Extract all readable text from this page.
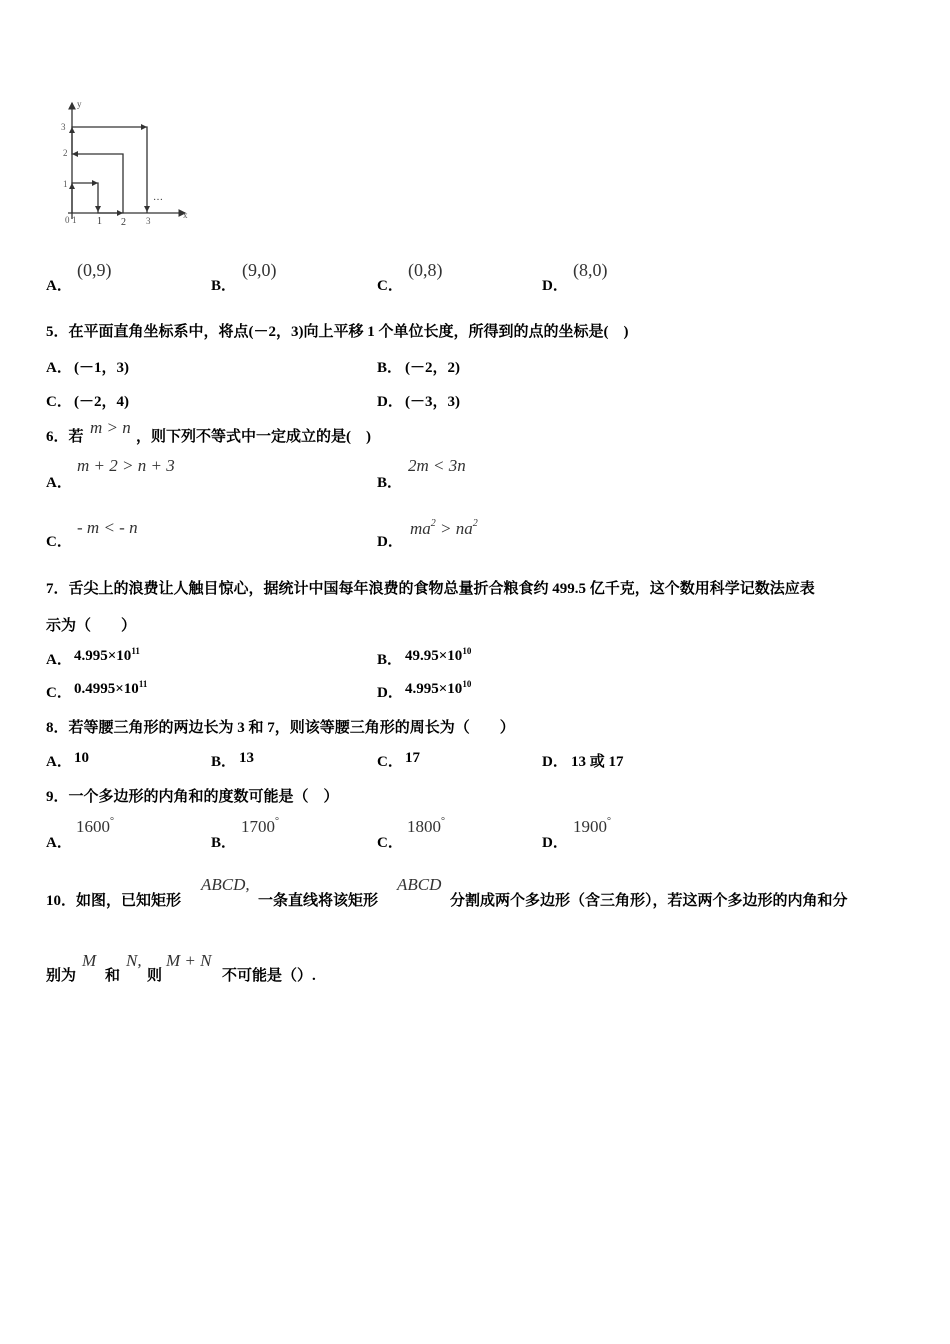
y
x
0 1 1 2 3
1
2
3
…
A．
(0,9)
B．
(9,0)
C．
(0,8)
D．
(8,0)
5．在平面直角坐标系中，将点(－2，3)向上平移 1 个单位长度，所得到的点的坐标是(　)
A． (－1，3)	B． (－2，2)
C． (－2，4)	D． (－3，3)
6．若 m > n ，则下列不等式中一定成立的是(　)
A．
m + 2 > n + 3
B．
2m < 3n
C．
- m < - n
D．
$ma^2 > na^2$
7．舌尖上的浪费让人触目惊心，据统计中国每年浪费的食物总量折合粮食约 499.5 亿千克，这个数用科学记数法应表
示为（　　）
A． $4.995\times 10^{11}$
B． $49.95\times 10^{10}$
C． $0.4995\times 10^{11}$
D． $4.995\times 10^{10}$
8．若等腰三角形的两边长为 3 和 7，则该等腰三角形的周长为（　　）
A． 10	B． 13	C． 17	D． 13 或 17
9．一个多边形的内角和的度数可能是（　）
A．
1600°
B．
1700°
C．
1800°
D．
1900°
10．如图，已知矩形
ABCD,
一条直线将该矩形
ABCD
分割成两个多边形（含三角形），若这两个多边形的内角和分
别为
M
和
N,
则
M + N
不可能是（）.
